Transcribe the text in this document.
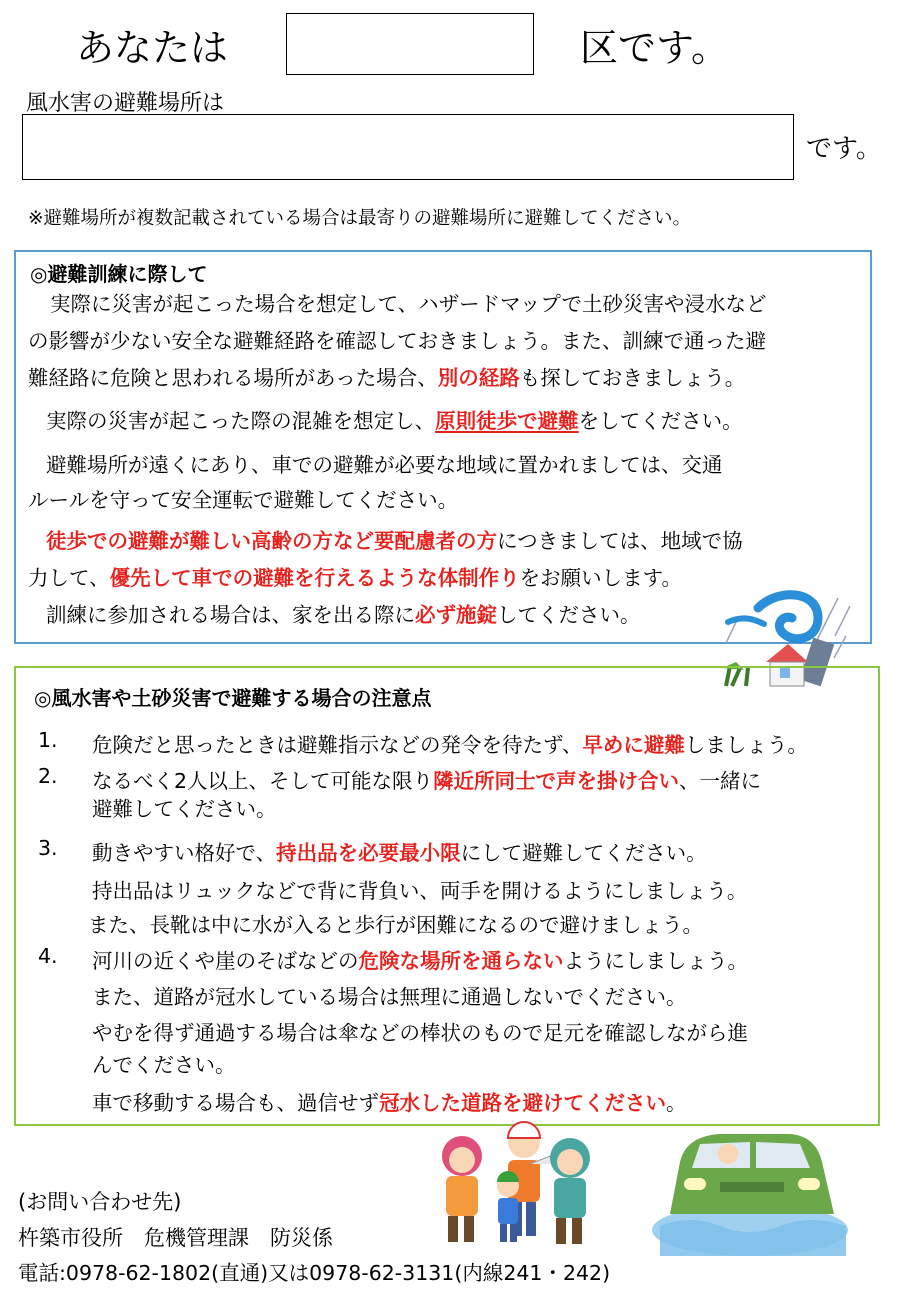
あなたは	区です。
風水害の避難場所は
です。
※避難場所が複数記載されている場合は最寄りの避難場所に避難してください。
◎避難訓練に際して
実際に災害が起こった場合を想定して、ハザードマップで土砂災害や浸水など
の影響が少ない安全な避難経路を確認しておきましょう。また、訓練で通った避
難経路に危険と思われる場所があった場合、別の経路も探しておきましょう。
実際の災害が起こった際の混雑を想定し、原則徒歩で避難をしてください。
避難場所が遠くにあり、車での避難が必要な地域に置かれましては、交通
ルールを守って安全運転で避難してください。
徒歩での避難が難しい高齢の方など要配慮者の方につきましては、地域で協
力して、優先して車での避難を行えるような体制作りをお願いします。
訓練に参加される場合は、家を出る際に必ず施錠してください。
◎風水害や土砂災害で避難する場合の注意点
1. 危険だと思ったときは避難指示などの発令を待たず、早めに避難しましょう。
2. なるべく2人以上、そして可能な限り隣近所同士で声を掛け合い、一緒に
避難してください。
3. 動きやすい格好で、持出品を必要最小限にして避難してください。
持出品はリュックなどで背に背負い、両手を開けるようにしましょう。
また、長靴は中に水が入ると歩行が困難になるので避けましょう。
4. 河川の近くや崖のそばなどの危険な場所を通らないようにしましょう。
また、道路が冠水している場合は無理に通過しないでください。
やむを得ず通過する場合は傘などの棒状のもので足元を確認しながら進
んでください。
車で移動する場合も、過信せず冠水した道路を避けてください。
(お問い合わせ先)
杵築市役所　危機管理課　防災係
電話:0978-62-1802(直通)又は0978-62-3131(内線241・242)
